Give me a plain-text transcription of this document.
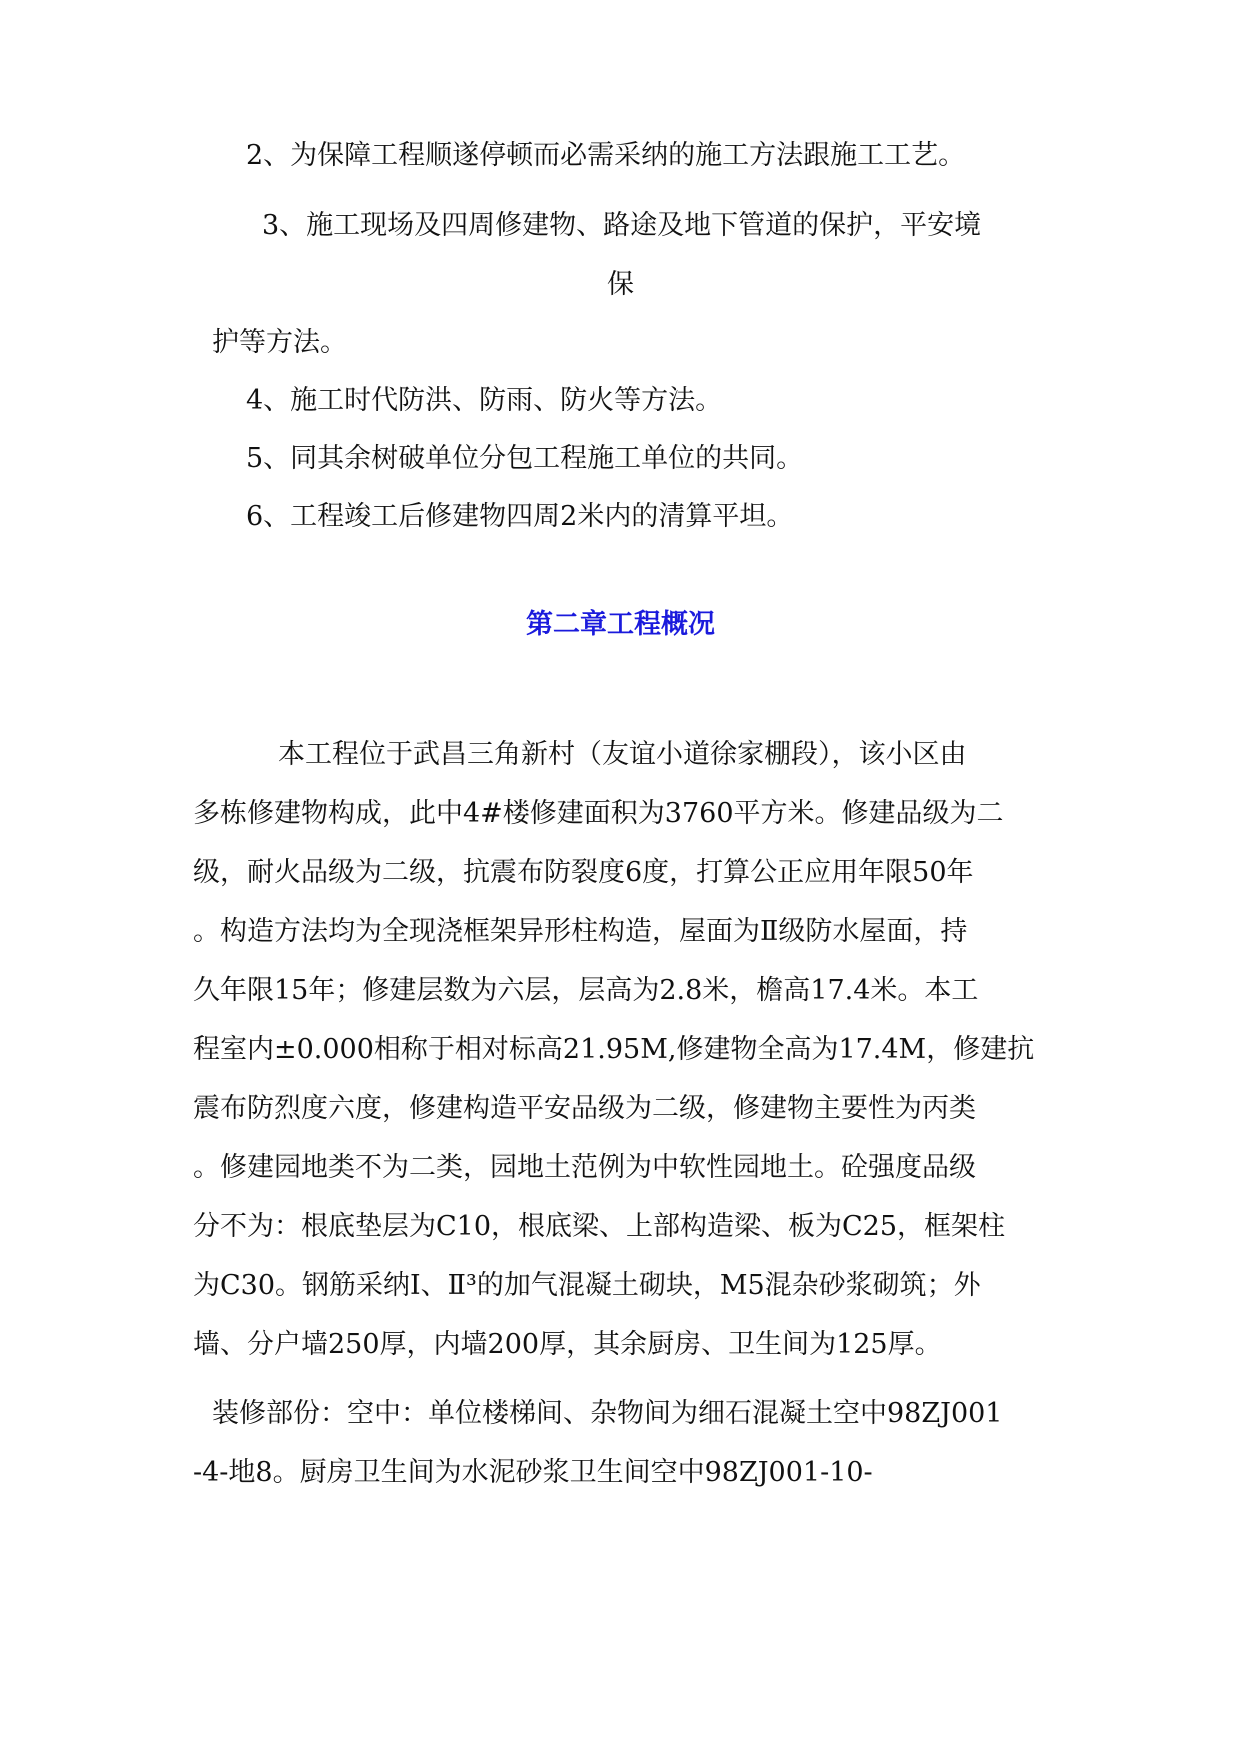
2、为保障工程顺遂停顿而必需采纳的施工方法跟施工工艺。
3、施工现场及四周修建物、路途及地下管道的保护，平安境
保
护等方法。
4、施工时代防洪、防雨、防火等方法。
5、同其余树破单位分包工程施工单位的共同。
6、工程竣工后修建物四周2米内的清算平坦。
第二章工程概况
本工程位于武昌三角新村（友谊小道徐家棚段），该小区由
多栋修建物构成，此中4#楼修建面积为3760平方米。修建品级为二
级，耐火品级为二级，抗震布防裂度6度，打算公正应用年限50年
。构造方法均为全现浇框架异形柱构造，屋面为Ⅱ级防水屋面，持
久年限15年；修建层数为六层，层高为2.8米，檐高17.4米。本工
程室内±0.000相称于相对标高21.95M,修建物全高为17.4M，修建抗
震布防烈度六度，修建构造平安品级为二级，修建物主要性为丙类
。修建园地类不为二类，园地土范例为中软性园地土。砼强度品级
分不为：根底垫层为C10，根底梁、上部构造梁、板为C25，框架柱
为C30。钢筋采纳Ⅰ、Ⅱ³的加气混凝土砌块，M5混杂砂浆砌筑；外
墙、分户墙250厚，内墙200厚，其余厨房、卫生间为125厚。
装修部份：空中：单位楼梯间、杂物间为细石混凝土空中98ZJ001
-4-地8。厨房卫生间为水泥砂浆卫生间空中98ZJ001-10-
